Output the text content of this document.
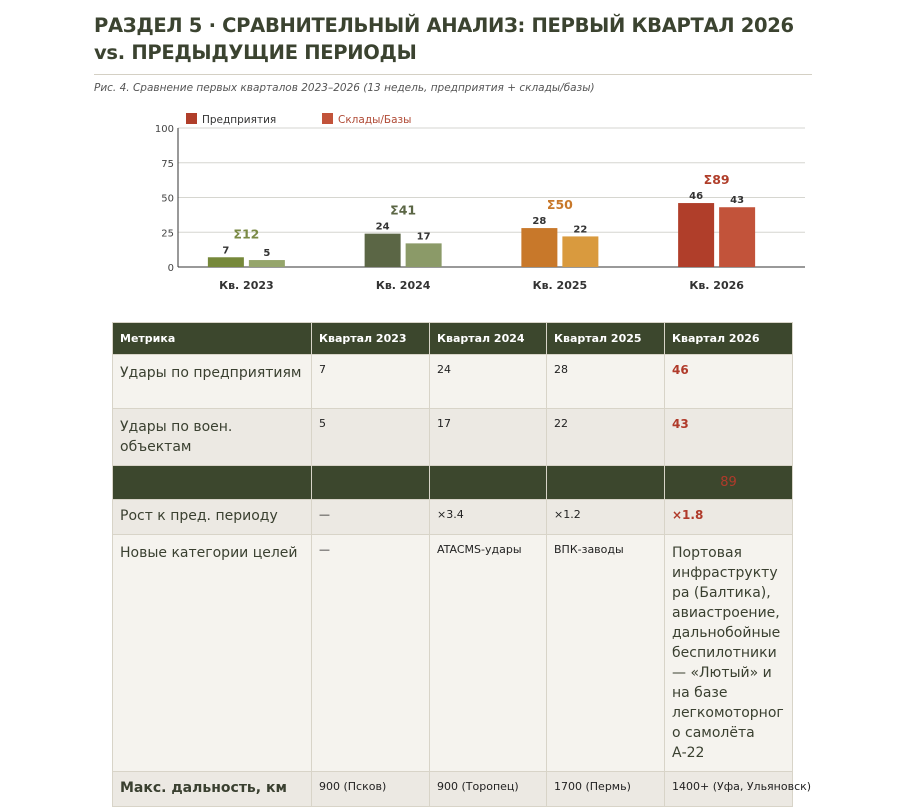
РАЗДЕЛ 5 · СРАВНИТЕЛЬНЫЙ АНАЛИЗ: ПЕРВЫЙ КВАРТАЛ 2026 vs. ПРЕДЫДУЩИЕ ПЕРИОДЫ
Рис. 4. Сравнение первых кварталов 2023–2026 (13 недель, предприятия + склады/базы)
0
25
50
75
100
Предприятия	Склады/Базы
7	5
Σ12
Кв. 2023
24
17
Σ41
Кв. 2024
28
22
Σ50
Кв. 2025
46	43
Σ89
Кв. 2026
Метрика	Квартал 2023	Квартал 2024	Квартал 2025	Квартал 2026
Удары по предприятиям	7	24	28	46
Удары по воен. объектам	5	17	22	43
				89
Рост к пред. периоду	—	×3.4	×1.2	×1.8
Новые категории целей	—	ATACMS-удары	ВПК-заводы	Портовая инфраструктура (Балтика), авиастроение, дальнобойные беспилотники — «Лютый» и на базе легкомоторного самолёта А-22
Макс. дальность, км	900 (Псков)	900 (Торопец)	1700 (Пермь)	1400+ (Уфа, Ульяновск)
